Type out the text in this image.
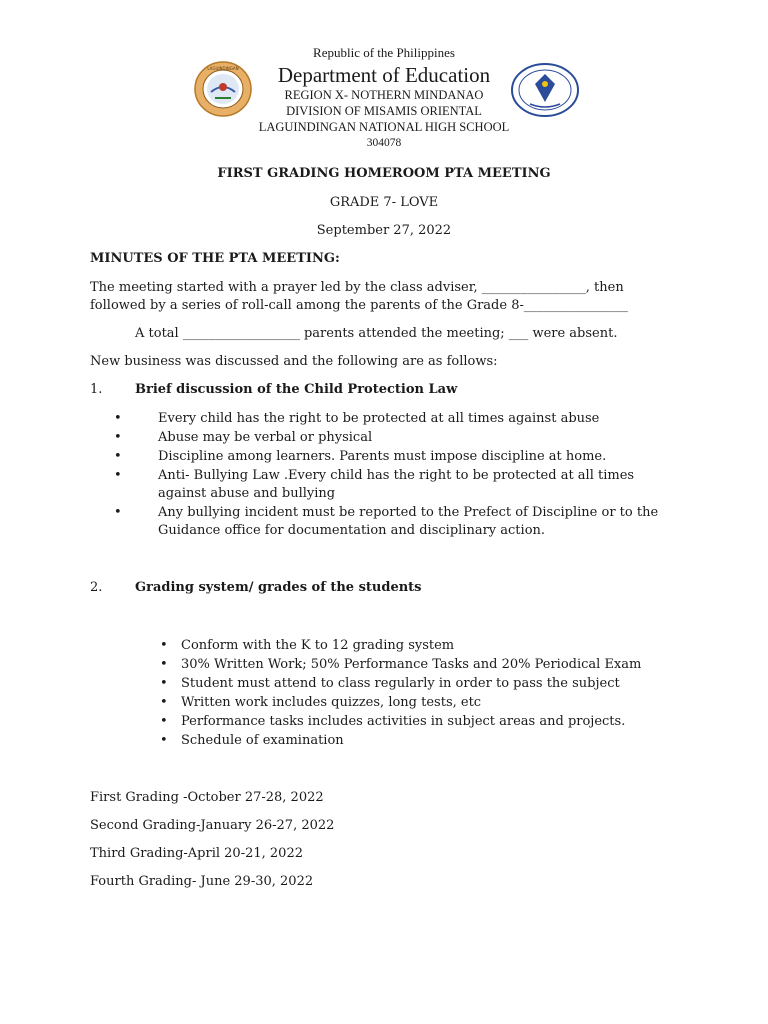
LAGUINDINGAN
Republic of the Philippines
Department of Education
REGION X- NOTHERN MINDANAO
DIVISION OF MISAMIS ORIENTAL
LAGUINDINGAN NATIONAL HIGH SCHOOL
304078
FIRST GRADING HOMEROOM PTA MEETING
GRADE 7- LOVE
September 27, 2022
MINUTES OF THE PTA MEETING:
The meeting started with a prayer led by the class adviser, ________________, then
followed by a series of roll-call among the parents of the Grade 8-________________
A total __________________ parents attended the meeting; ___ were absent.
New business was discussed and the following are as follows:
1.	Brief discussion of the Child Protection Law
•	Every child has the right to be protected at all times against abuse
•	Abuse may be verbal or physical
•	Discipline among learners. Parents must impose discipline at home.
•	Anti- Bullying Law .Every child has the right to be protected at all times
against abuse and bullying
•	Any bullying incident must be reported to the Prefect of Discipline or to the
Guidance office for documentation and disciplinary action.
2.	Grading system/ grades of the students
• Conform with the K to 12 grading system
• 30% Written Work; 50% Performance Tasks and 20% Periodical Exam
• Student must attend to class regularly in order to pass the subject
• Written work includes quizzes, long tests, etc
• Performance tasks includes activities in subject areas and projects.
• Schedule of examination
First Grading -October 27-28, 2022
Second Grading-January 26-27, 2022
Third Grading-April 20-21, 2022
Fourth Grading- June 29-30, 2022
